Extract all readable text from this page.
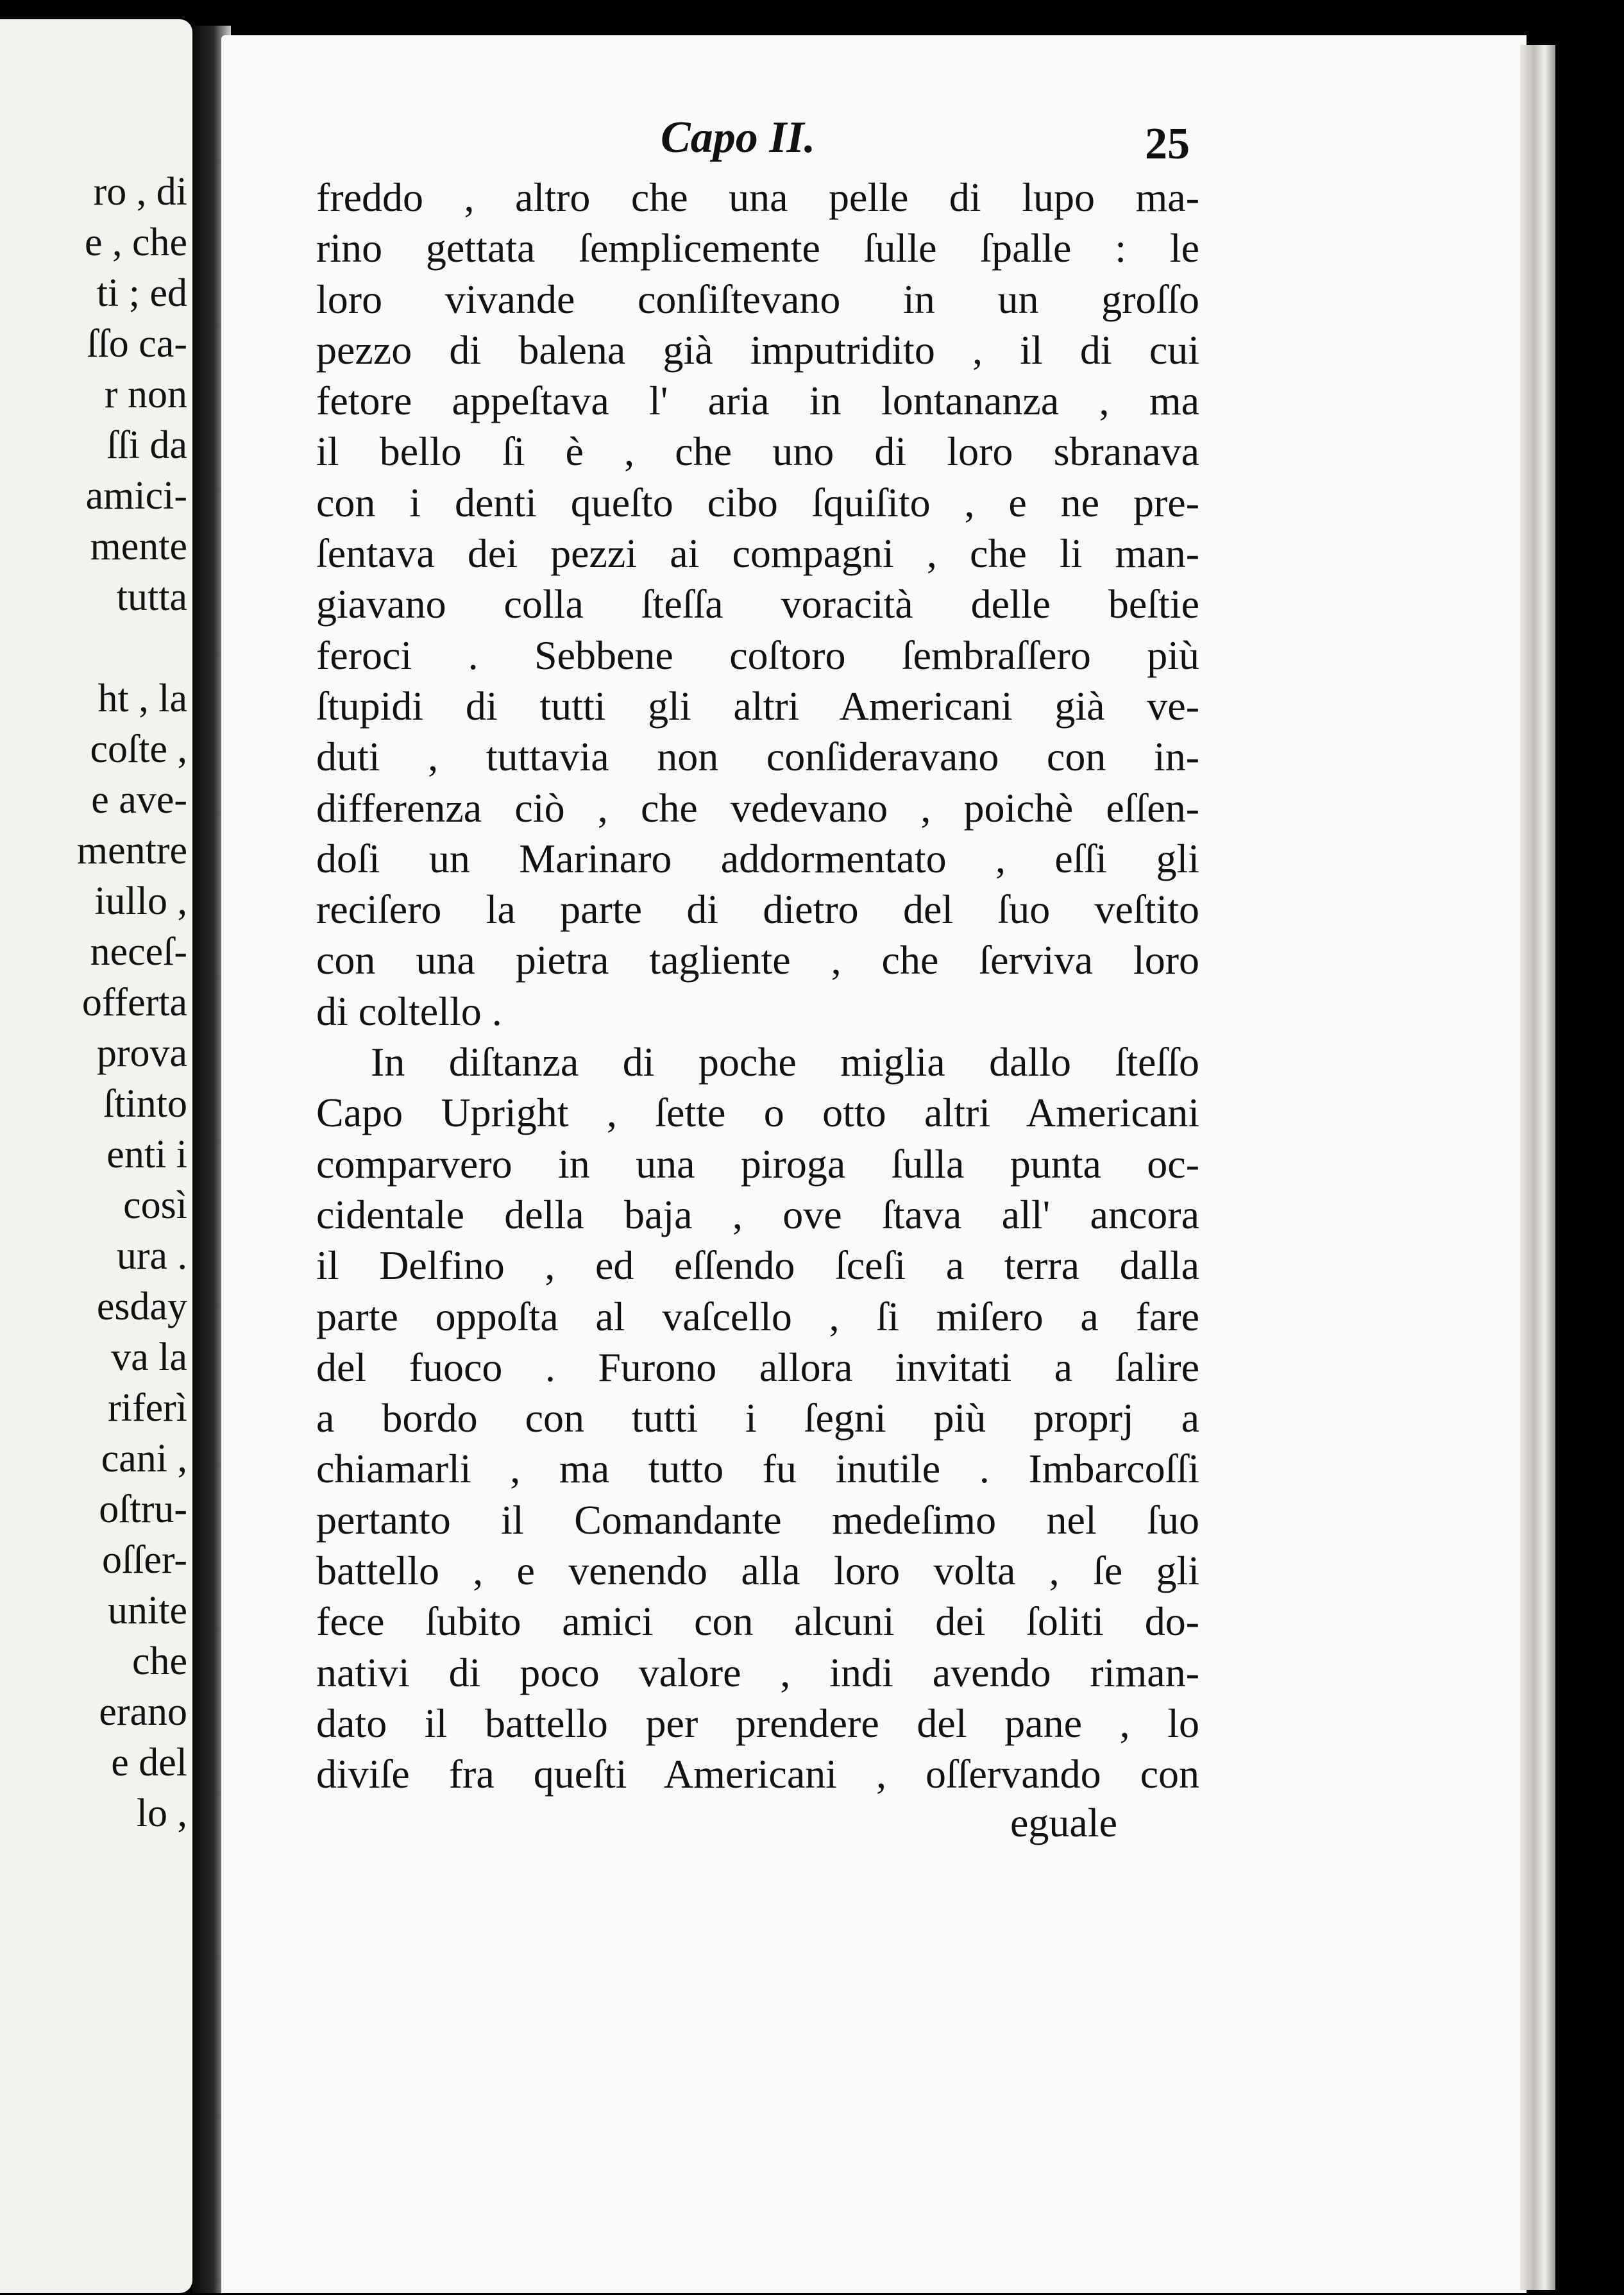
ro , di
e , che
ti ; ed
ſſo ca-
r non
ſſi da
amici-
mente
tutta
ht , la
coſte ,
e ave-
mentre
iullo ,
neceſ-
offerta
prova
ſtinto
enti i
così
ura .
esday
va la
riferì
cani ,
oſtru-
oſſer-
unite
che
erano
e del
lo ,
Capo II.	25
freddo , altro che una pelle di lupo ma-
rino gettata ſemplicemente ſulle ſpalle : le
loro vivande conſiſtevano in un groſſo
pezzo di balena già imputridito , il di cui
fetore appeſtava l' aria in lontananza , ma
il bello ſi è , che uno di loro sbranava
con i denti queſto cibo ſquiſito , e ne pre-
ſentava dei pezzi ai compagni , che li man-
giavano colla ſteſſa voracità delle beſtie
feroci . Sebbene coſtoro ſembraſſero più
ſtupidi di tutti gli altri Americani già ve-
duti , tuttavia non conſideravano con in-
differenza ciò , che vedevano , poichè eſſen-
doſi un Marinaro addormentato , eſſi gli
reciſero la parte di dietro del ſuo veſtito
con una pietra tagliente , che ſerviva loro
di coltello .
In diſtanza di poche miglia dallo ſteſſo
Capo Upright , ſette o otto altri Americani
comparvero in una piroga ſulla punta oc-
cidentale della baja , ove ſtava all' ancora
il Delfino , ed eſſendo ſceſi a terra dalla
parte oppoſta al vaſcello , ſi miſero a fare
del fuoco . Furono allora invitati a ſalire
a bordo con tutti i ſegni più proprj a
chiamarli , ma tutto fu inutile . Imbarcoſſi
pertanto il Comandante medeſimo nel ſuo
battello , e venendo alla loro volta , ſe gli
fece ſubito amici con alcuni dei ſoliti do-
nativi di poco valore , indi avendo riman-
dato il battello per prendere del pane , lo
diviſe fra queſti Americani , oſſervando con
eguale
